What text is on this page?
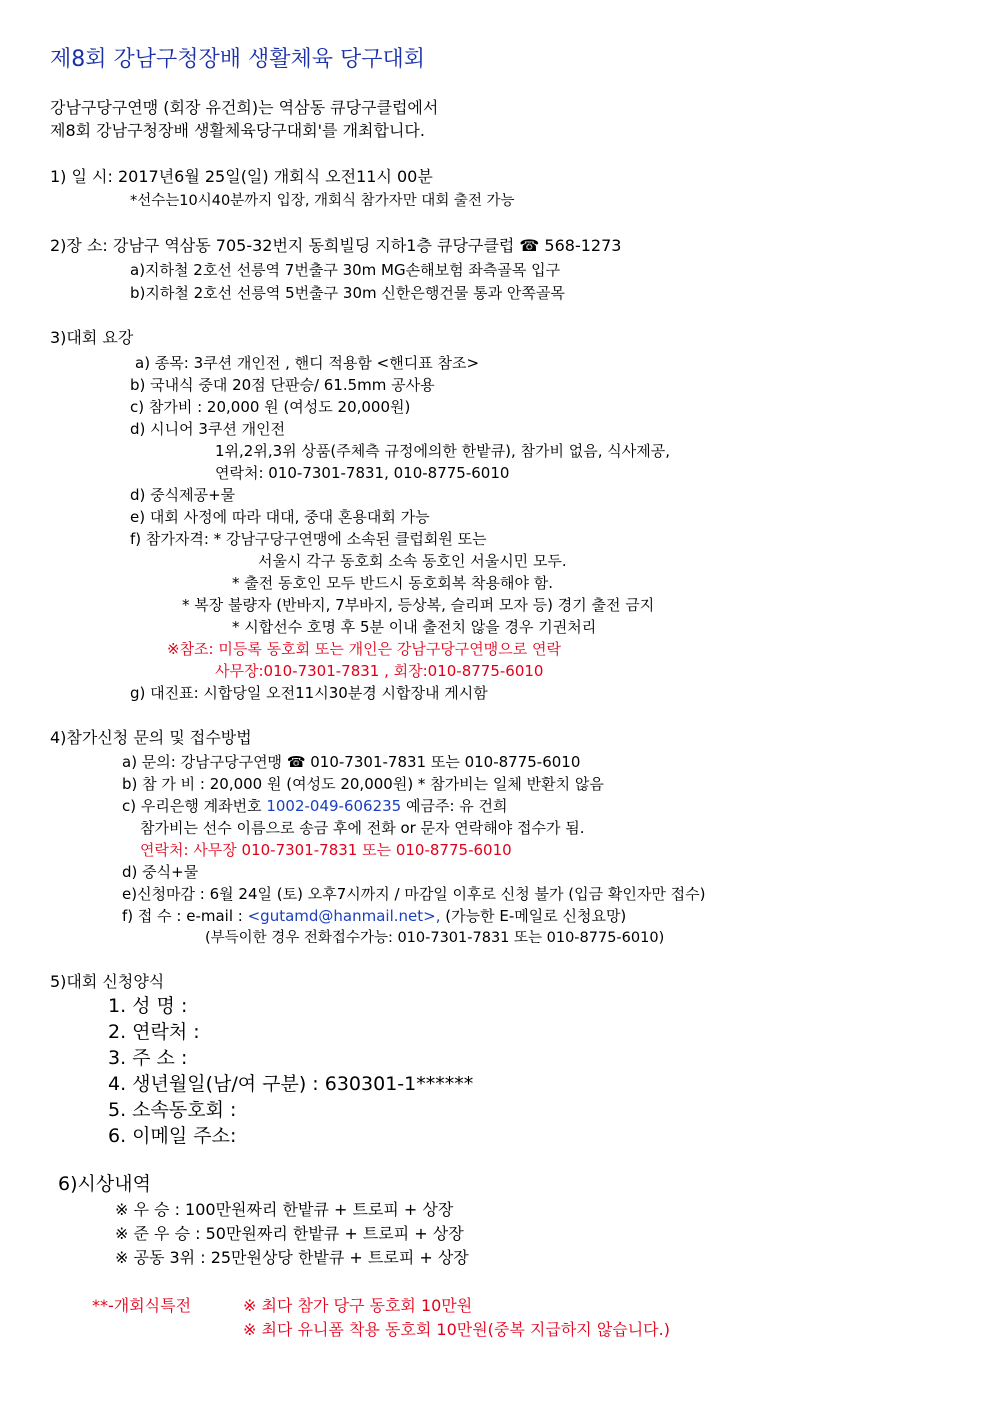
제8회 강남구청장배 생활체육 당구대회
강남구당구연맹 (회장 유건희)는 역삼동 큐당구클럽에서
제8회 강남구청장배 생활체육당구대회'를 개최합니다.
1) 일 시: 2017년6월 25일(일) 개회식 오전11시 00분
*선수는10시40분까지 입장, 개회식 참가자만 대회 출전 가능
2)장 소: 강남구 역삼동 705-32번지 동희빌딩 지하1층 큐당구클럽 ☎ 568-1273
a)지하철 2호선 선릉역 7번출구 30m MG손해보험 좌측골목 입구
b)지하철 2호선 선릉역 5번출구 30m 신한은행건물 통과 안쪽골목
3)대회 요강
a) 종목: 3쿠션 개인전 , 핸디 적용함 <핸디표 참조>
b) 국내식 중대 20점 단판승/ 61.5mm 공사용
c) 참가비 : 20,000 원 (여성도 20,000원)
d) 시니어 3쿠션 개인전
1위,2위,3위 상품(주체측 규정에의한 한밭큐), 참가비 없음, 식사제공,
연락처: 010-7301-7831, 010-8775-6010
d) 중식제공+물
e) 대회 사정에 따라 대대, 중대 혼용대회 가능
f) 참가자격: * 강남구당구연맹에 소속된 클럽회원 또는
서울시 각구 동호회 소속 동호인 서울시민 모두.
* 출전 동호인 모두 반드시 동호회복 착용해야 함.
* 복장 불량자 (반바지, 7부바지, 등상복, 슬리퍼 모자 등) 경기 출전 금지
* 시합선수 호명 후 5분 이내 출전치 않을 경우 기권처리
※참조: 미등록 동호회 또는 개인은 강남구당구연맹으로 연락
사무장:010-7301-7831 , 회장:010-8775-6010
g) 대진표: 시합당일 오전11시30분경 시합장내 게시함
4)참가신청 문의 및 접수방법
a) 문의: 강남구당구연맹 ☎ 010-7301-7831 또는 010-8775-6010
b) 참 가 비 : 20,000 원 (여성도 20,000원) * 참가비는 일체 반환치 않음
c) 우리은행 계좌번호 1002-049-606235 예금주: 유 건희
참가비는 선수 이름으로 송금 후에 전화 or 문자 연락해야 접수가 됨.
연락처: 사무장 010-7301-7831 또는 010-8775-6010
d) 중식+물
e)신청마감 : 6월 24일 (토) 오후7시까지 / 마감일 이후로 신청 불가 (입금 확인자만 접수)
f) 접 수 : e-mail : <gutamd@hanmail.net>, (가능한 E-메일로 신청요망)
(부득이한 경우 전화접수가능: 010-7301-7831 또는 010-8775-6010)
5)대회 신청양식
1. 성 명 :
2. 연락처 :
3. 주 소 :
4. 생년월일(남/여 구분) : 630301-1******
5. 소속동호회 :
6. 이메일 주소:
6)시상내역
※ 우 승 : 100만원짜리 한밭큐 + 트로피 + 상장
※ 준 우 승 : 50만원짜리 한밭큐 + 트로피 + 상장
※ 공동 3위 : 25만원상당 한밭큐 + 트로피 + 상장
**-개회식특전	※ 최다 참가 당구 동호회 10만원
※ 최다 유니폼 착용 동호회 10만원(중복 지급하지 않습니다.)
